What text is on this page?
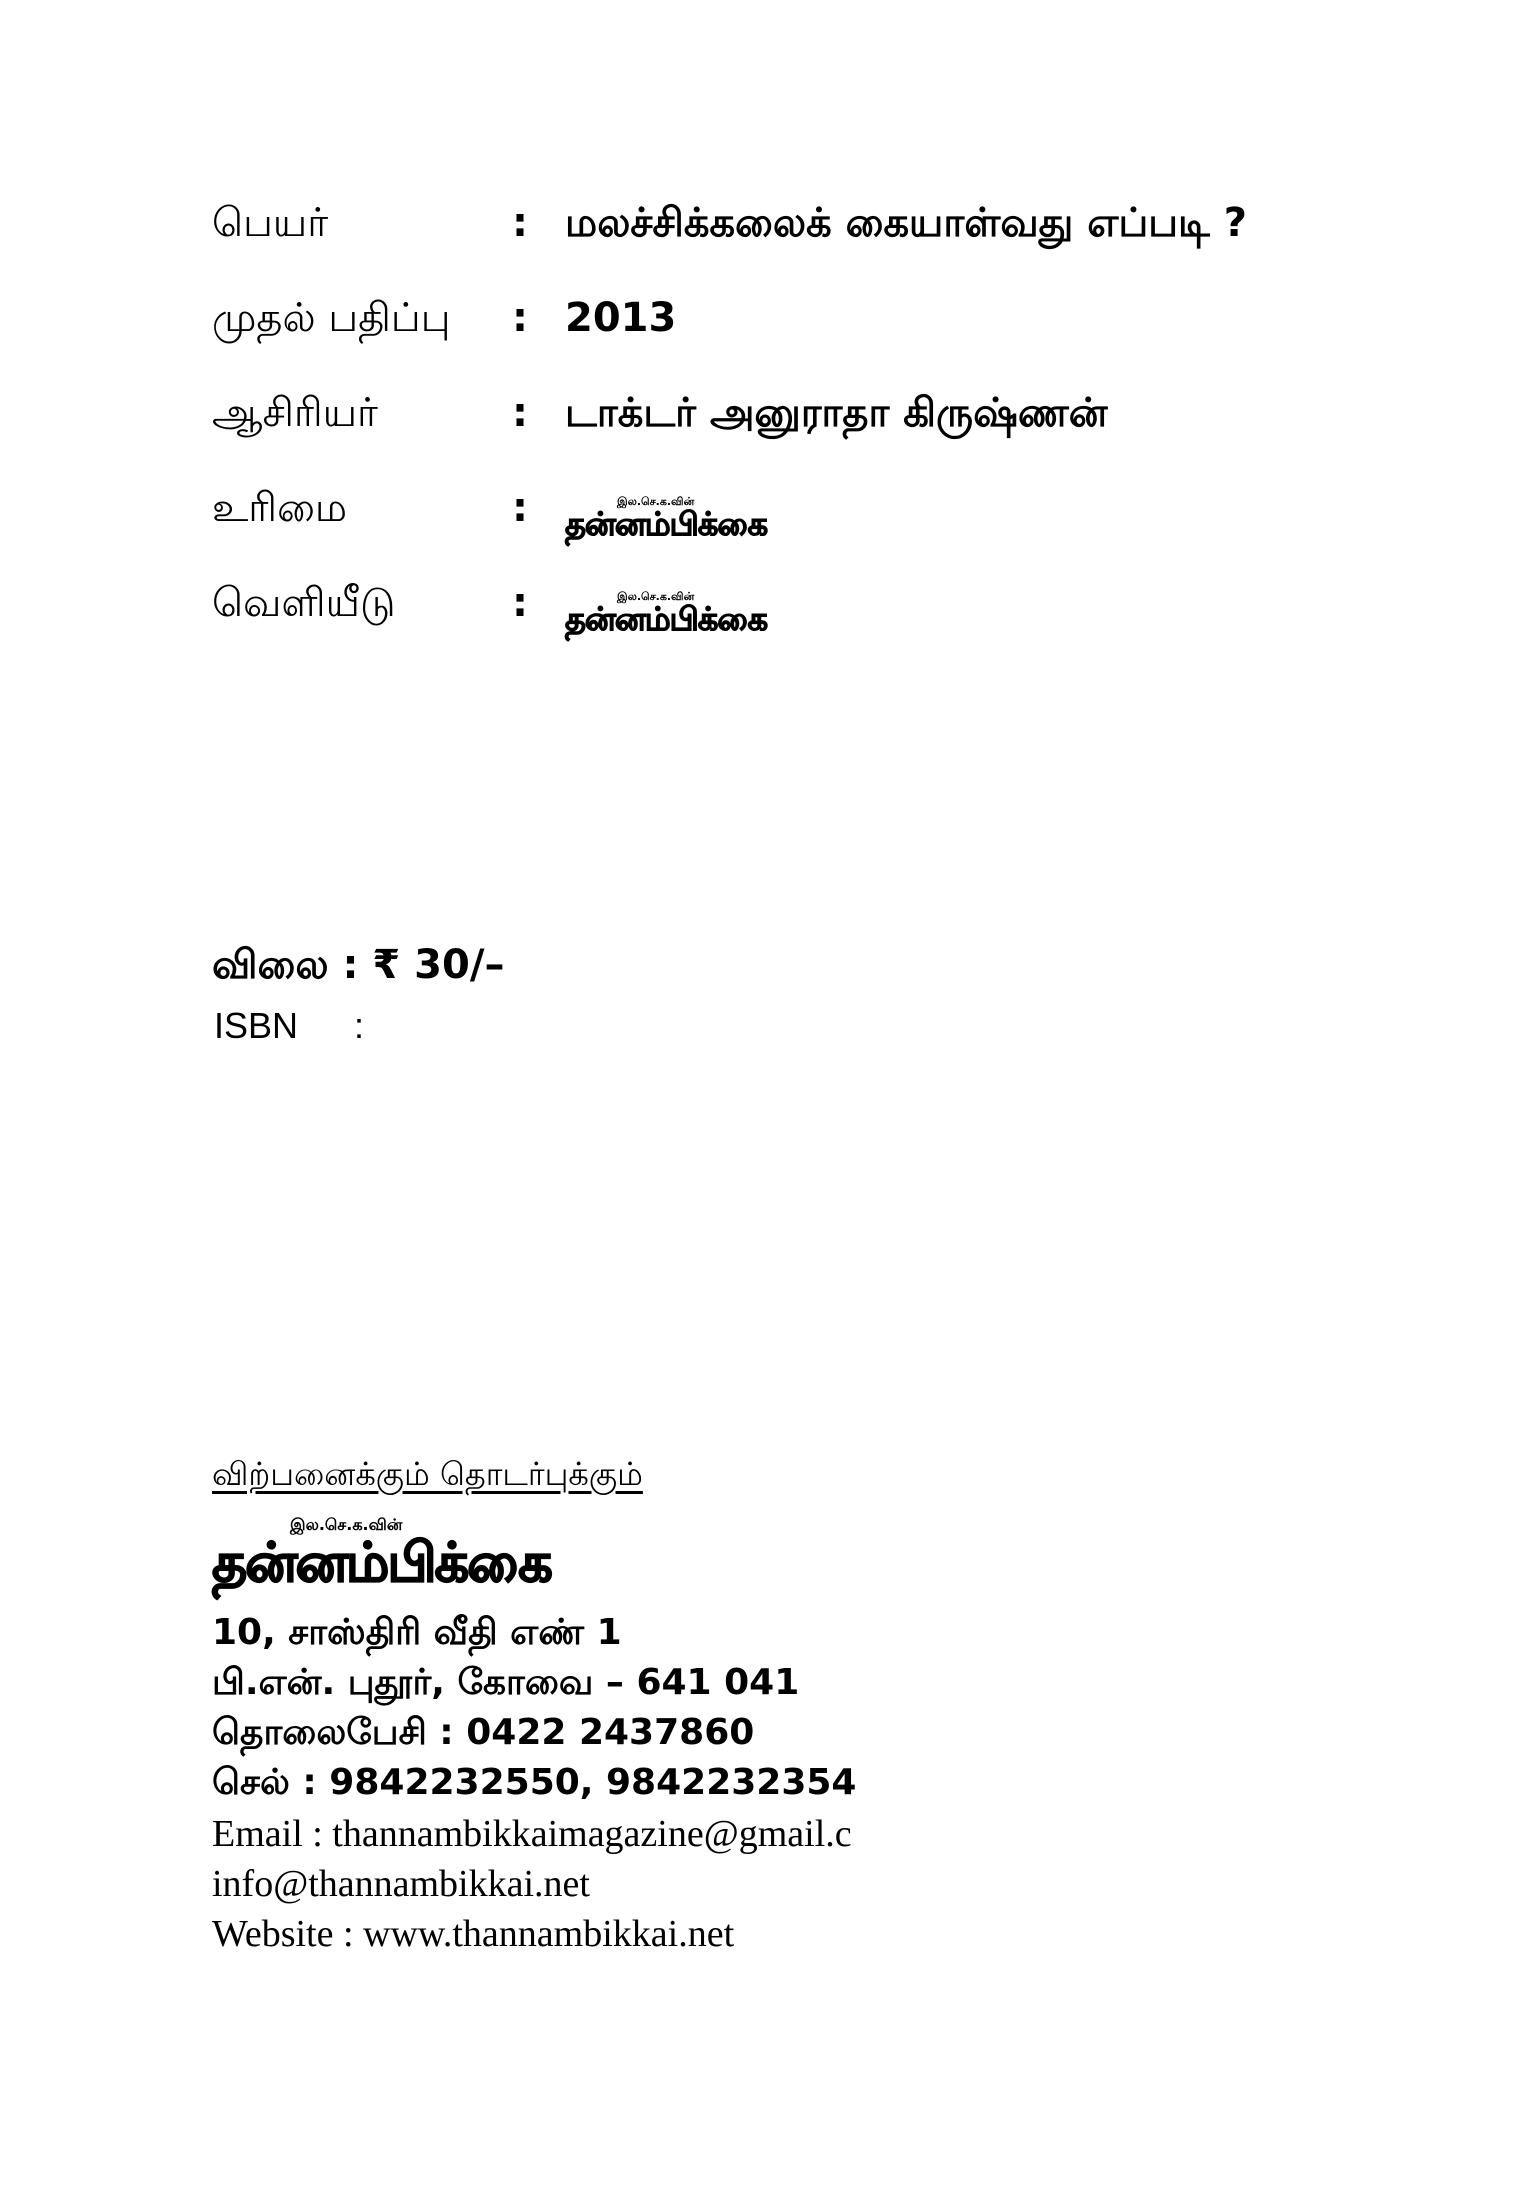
பெயர்	: மலச்சிக்கலைக் கையாள்வது எப்படி ?
முதல் பதிப்பு : 2013
ஆசிரியர்	: டாக்டர் அனுராதா கிருஷ்ணன்
உரிமை	:	இல.செ.க.வின்
தன்னம்பிக்கை
வெளியீடு	:	இல.செ.க.வின்
தன்னம்பிக்கை
விலை : ₹ 30/–
ISBN :
விற்பனைக்கும் தொடர்புக்கும்
இல.செ.க.வின்
தன்னம்பிக்கை
10, சாஸ்திரி வீதி எண் 1
பி.என். புதூர், கோவை – 641 041
தொலைபேசி : 0422 2437860
செல் : 9842232550, 9842232354
Email : thannambikkaimagazine@gmail.c
info@thannambikkai.net
Website : www.thannambikkai.net
